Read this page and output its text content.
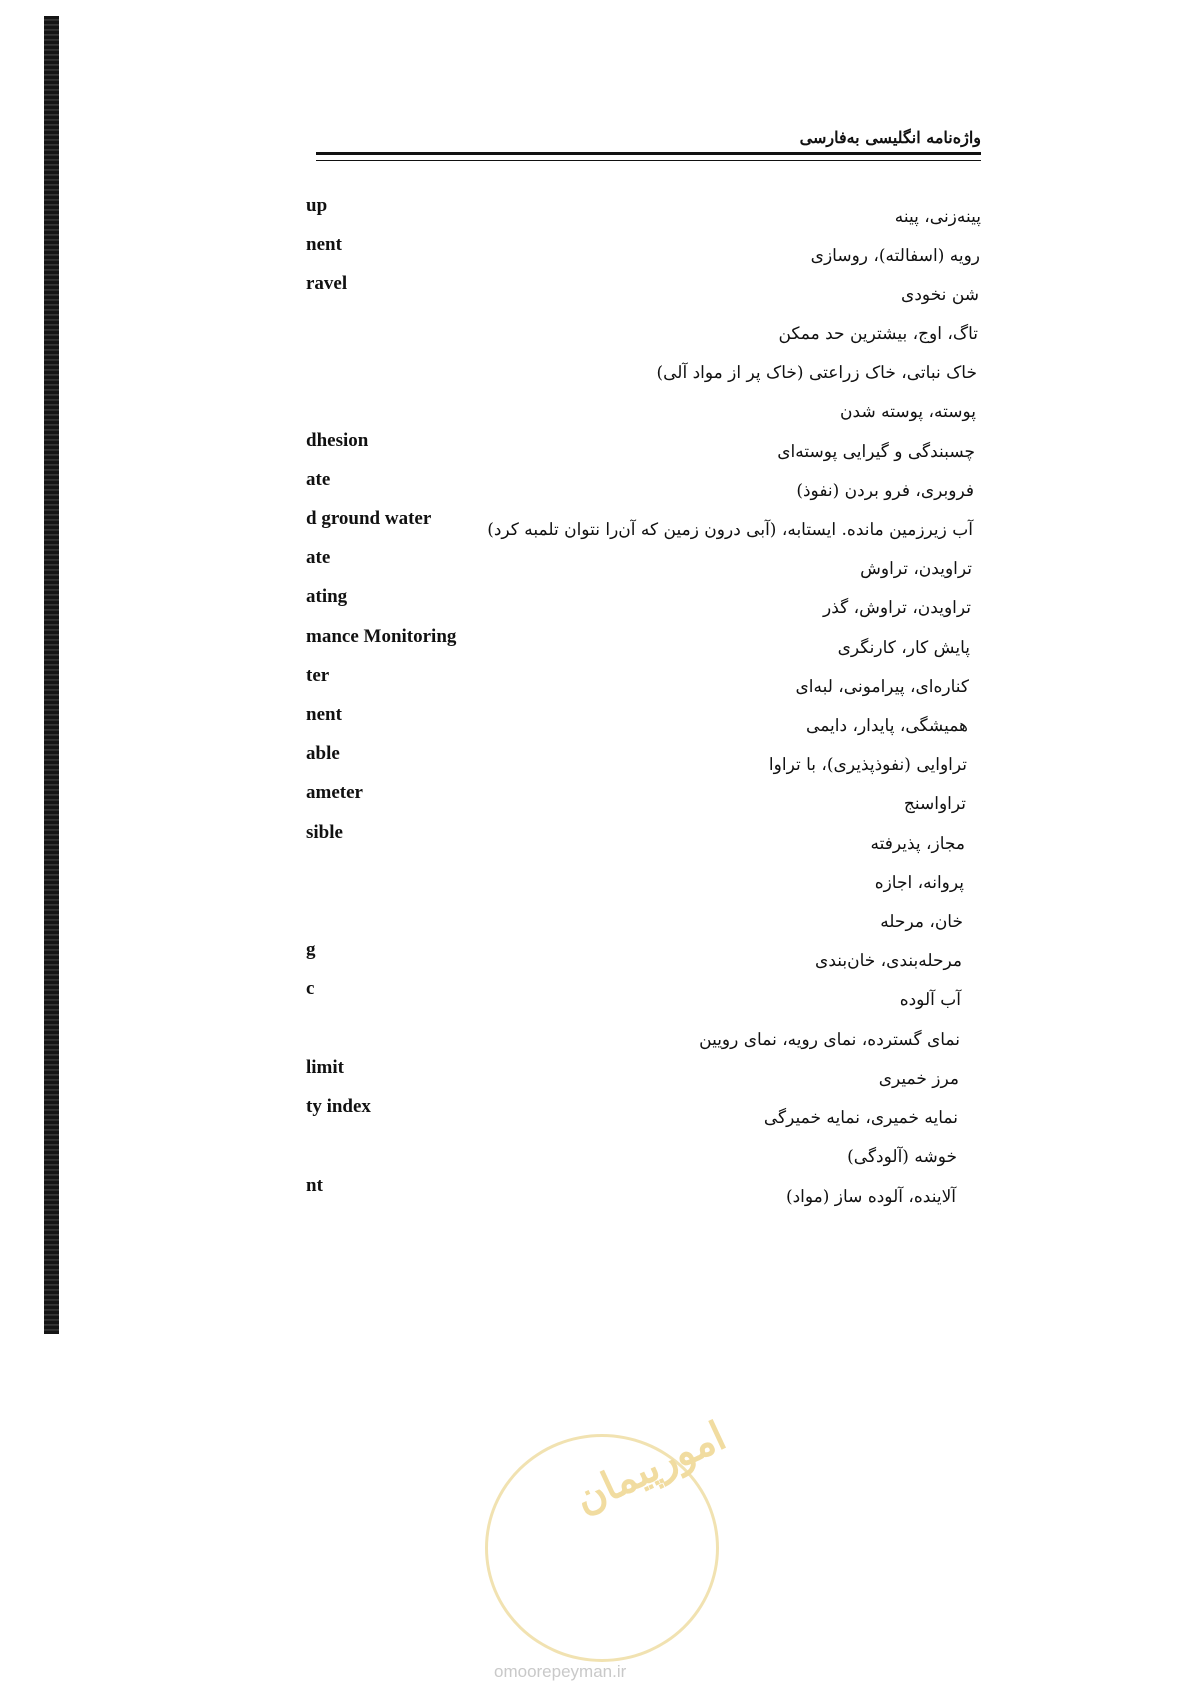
واژه‌نامه انگلیسی به‌فارسی
up
پینه‌زنی، پینه
nent
رویه (اسفالته)، روسازی
ravel
شن نخودی
تاگ، اوج، بیشترین حد ممکن
خاک نباتی، خاک زراعتی (خاک پر از مواد آلی)
پوسته، پوسته شدن
dhesion
چسبندگی و گیرایی پوسته‌ای
ate
فروبری، فرو بردن (نفوذ)
d ground water
آب زیرزمین مانده. ایستابه، (آبی درون زمین که آن‌را نتوان تلمبه کرد)
ate
تراویدن، تراوش
ating
تراویدن، تراوش، گذر
mance Monitoring
پایش کار، کارنگری
ter
کناره‌ای، پیرامونی، لبه‌ای
nent
همیشگی، پایدار، دایمی
able
تراوایی (نفوذپذیری)، با تراوا
ameter
تراواسنج
sible
مجاز، پذیرفته
پروانه، اجازه
خان، مرحله
g
مرحله‌بندی، خان‌بندی
c
آب آلوده
نمای گسترده، نمای رویه، نمای رویین
limit
مرز خمیری
ty index
نمایه خمیری، نمایه خمیرگی
خوشه (آلودگی)
nt
آلاینده، آلوده ساز (مواد)
امورپیمان
omoorepeyman.ir
